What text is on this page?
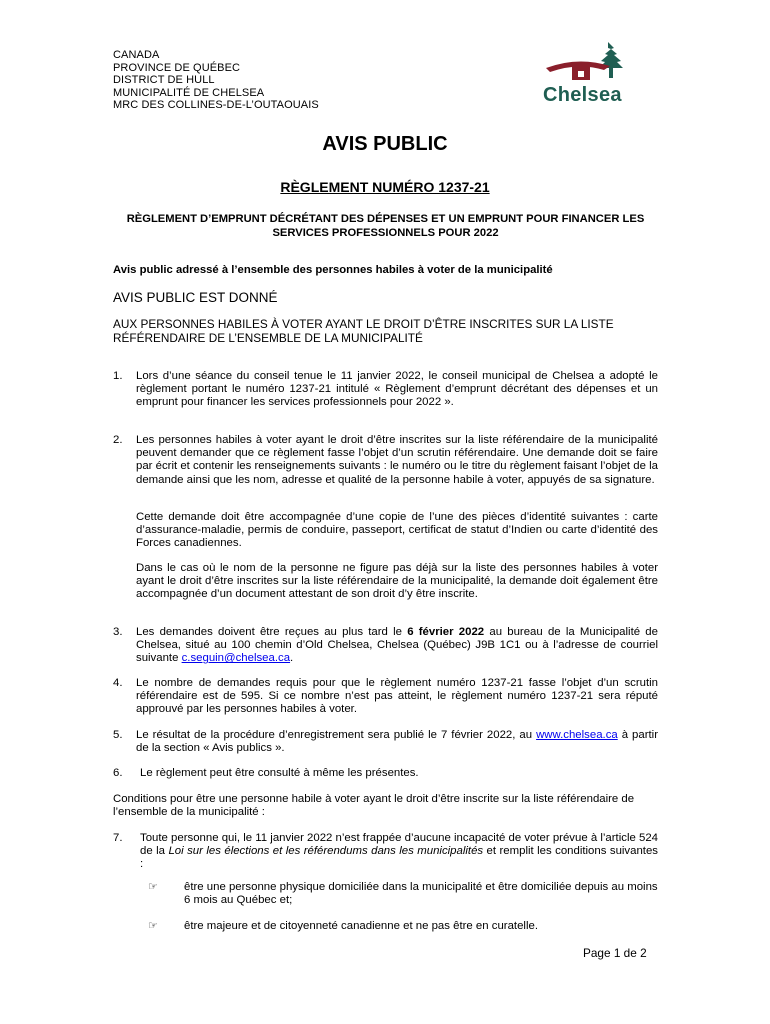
CANADA
PROVINCE DE QUÉBEC
DISTRICT DE HULL
MUNICIPALITÉ DE CHELSEA
MRC DES COLLINES-DE-L’OUTAOUAIS	Chelsea
AVIS PUBLIC
RÈGLEMENT NUMÉRO 1237-21
RÈGLEMENT D’EMPRUNT DÉCRÉTANT DES DÉPENSES ET UN EMPRUNT POUR FINANCER LES SERVICES PROFESSIONNELS POUR 2022
Avis public adressé à l’ensemble des personnes habiles à voter de la municipalité
AVIS PUBLIC EST DONNÉ
AUX PERSONNES HABILES À VOTER AYANT LE DROIT D’ÊTRE INSCRITES SUR LA LISTE RÉFÉRENDAIRE DE L’ENSEMBLE DE LA MUNICIPALITÉ
1. Lors d’une séance du conseil tenue le 11 janvier 2022, le conseil municipal de Chelsea a adopté le règlement portant le numéro 1237-21 intitulé « Règlement d’emprunt décrétant des dépenses et un emprunt pour financer les services professionnels pour 2022 ».
2. Les personnes habiles à voter ayant le droit d’être inscrites sur la liste référendaire de la municipalité peuvent demander que ce règlement fasse l’objet d’un scrutin référendaire. Une demande doit se faire par écrit et contenir les renseignements suivants : le numéro ou le titre du règlement faisant l’objet de la demande ainsi que les nom, adresse et qualité de la personne habile à voter, appuyés de sa signature.
Cette demande doit être accompagnée d’une copie de l’une des pièces d’identité suivantes : carte d’assurance-maladie, permis de conduire, passeport, certificat de statut d’Indien ou carte d’identité des Forces canadiennes.
Dans le cas où le nom de la personne ne figure pas déjà sur la liste des personnes habiles à voter ayant le droit d’être inscrites sur la liste référendaire de la municipalité, la demande doit également être accompagnée d’un document attestant de son droit d’y être inscrite.
3. Les demandes doivent être reçues au plus tard le 6 février 2022 au bureau de la Municipalité de Chelsea, situé au 100 chemin d’Old Chelsea, Chelsea (Québec) J9B 1C1 ou à l’adresse de courriel suivante c.seguin@chelsea.ca.
4. Le nombre de demandes requis pour que le règlement numéro 1237-21 fasse l’objet d’un scrutin référendaire est de 595. Si ce nombre n’est pas atteint, le règlement numéro 1237-21 sera réputé approuvé par les personnes habiles à voter.
5. Le résultat de la procédure d’enregistrement sera publié le 7 février 2022, au www.chelsea.ca à partir de la section « Avis publics ».
6. Le règlement peut être consulté à même les présentes.
Conditions pour être une personne habile à voter ayant le droit d’être inscrite sur la liste référendaire de l’ensemble de la municipalité :
7. Toute personne qui, le 11 janvier 2022 n’est frappée d’aucune incapacité de voter prévue à l’article 524 de la Loi sur les élections et les référendums dans les municipalités et remplit les conditions suivantes :
☞ être une personne physique domiciliée dans la municipalité et être domiciliée depuis au moins 6 mois au Québec et;
☞ être majeure et de citoyenneté canadienne et ne pas être en curatelle.
Page 1 de 2
